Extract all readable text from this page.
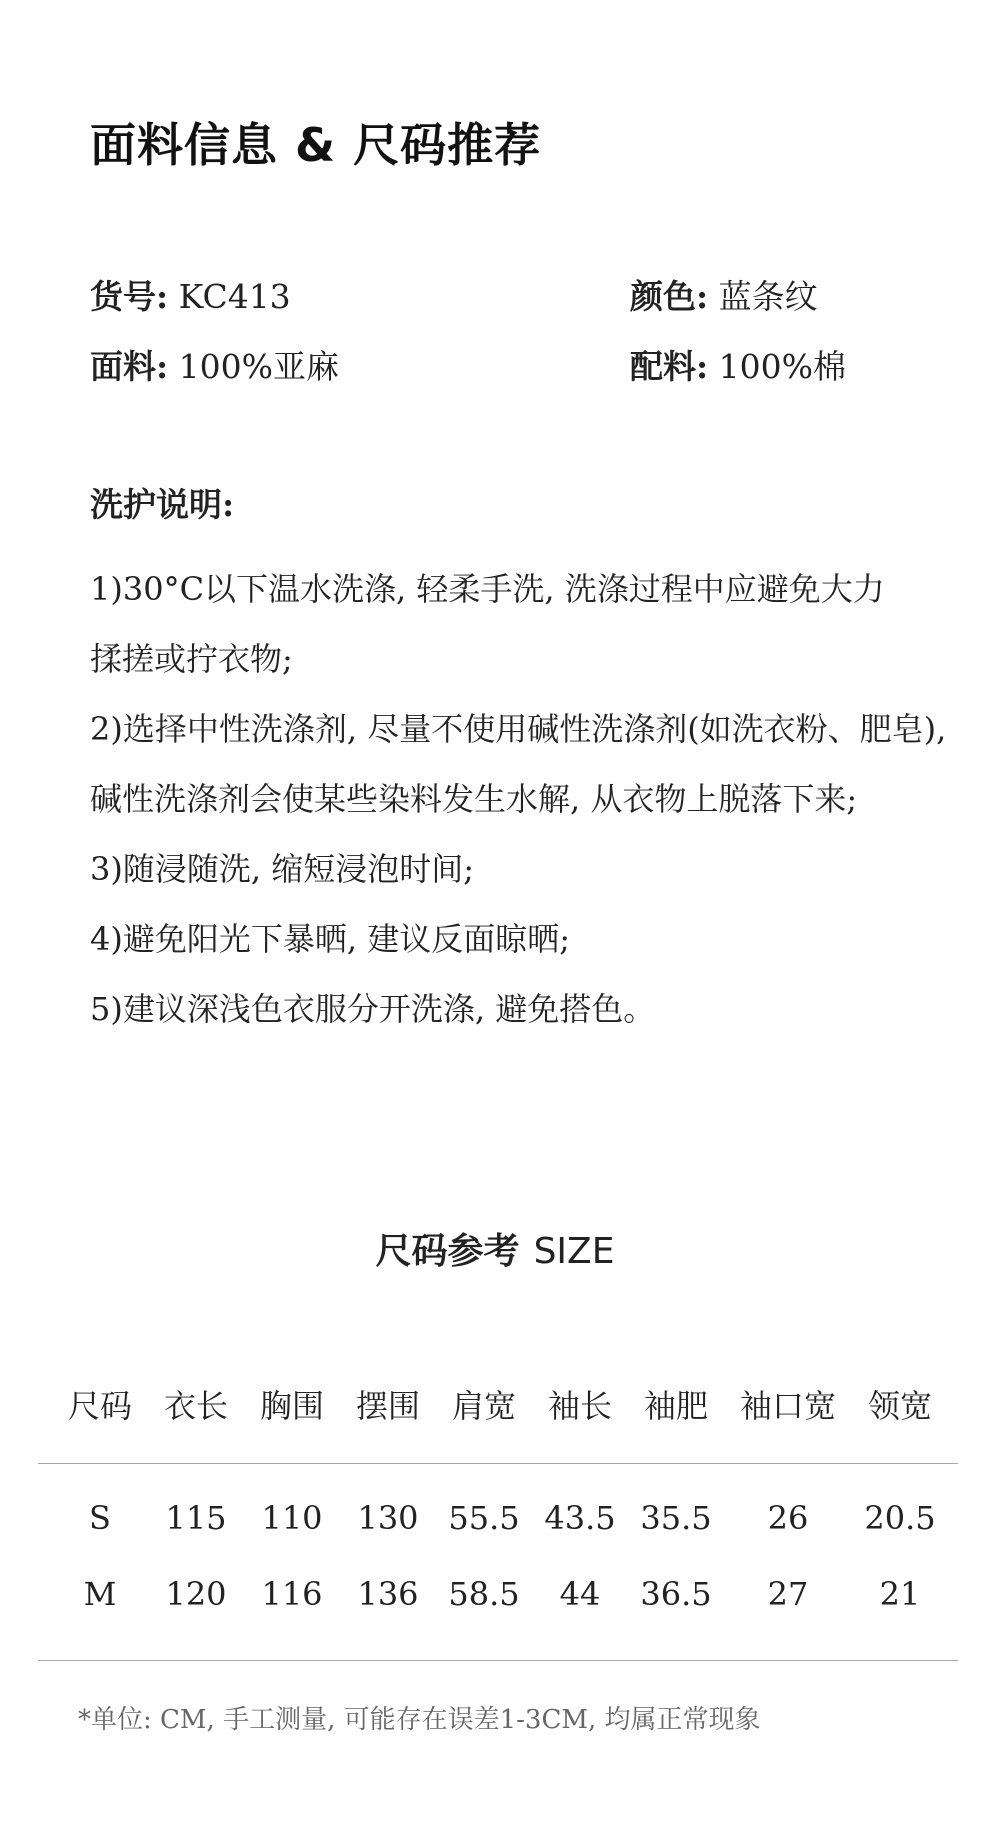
面料信息 & 尺码推荐
货号: KC413	颜色: 蓝条纹
面料: 100%亚麻	配料: 100%棉
洗护说明:
1)30°C以下温水洗涤, 轻柔手洗, 洗涤过程中应避免大力
揉搓或拧衣物;
2)选择中性洗涤剂, 尽量不使用碱性洗涤剂(如洗衣粉、肥皂),
碱性洗涤剂会使某些染料发生水解, 从衣物上脱落下来;
3)随浸随洗, 缩短浸泡时间;
4)避免阳光下暴晒, 建议反面晾晒;
5)建议深浅色衣服分开洗涤, 避免搭色。
尺码参考 SIZE
尺码 衣长 胸围 摆围 肩宽 袖长 袖肥 袖口宽 领宽
S 115 110 130 55.5 43.5 35.5 26 20.5
M 120 116 136 58.5 44 36.5 27 21
*单位: CM, 手工测量, 可能存在误差1-3CM, 均属正常现象
